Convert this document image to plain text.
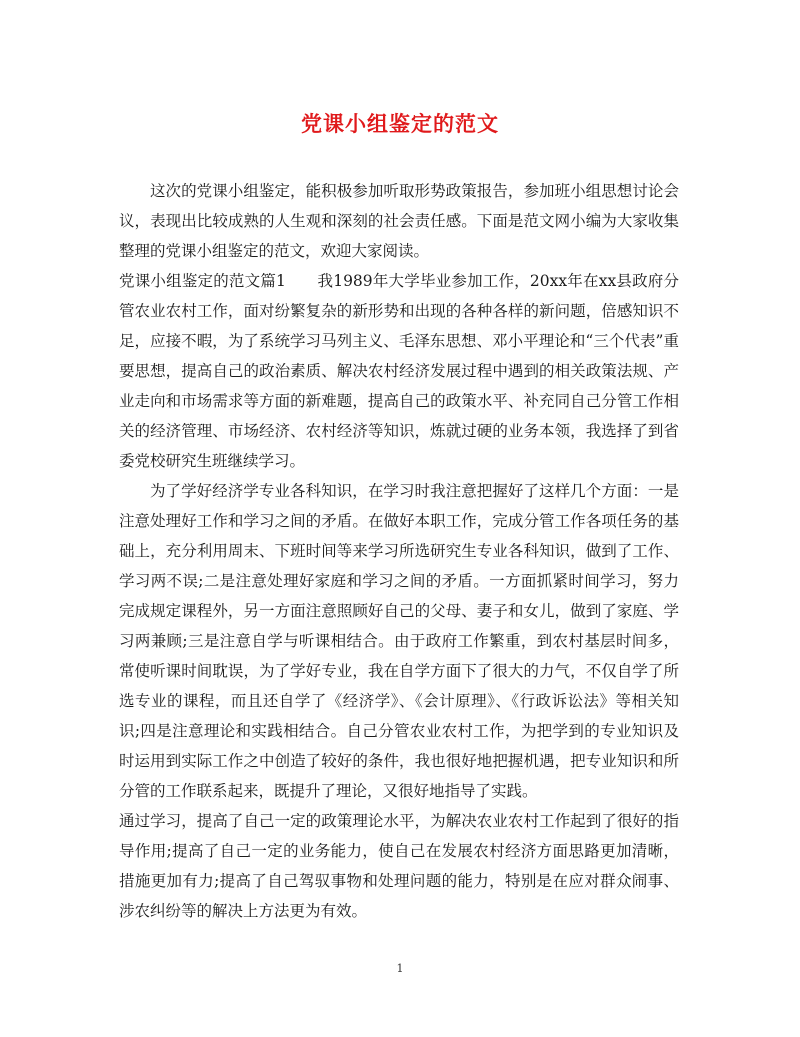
党课小组鉴定的范文

这次的党课小组鉴定，能积极参加听取形势政策报告，参加班小组思想讨论会议，表现出比较成熟的人生观和深刻的社会责任感。下面是范文网小编为大家收集整理的党课小组鉴定的范文，欢迎大家阅读。

党课小组鉴定的范文篇1　　我1989年大学毕业参加工作，20xx年在xx县政府分管农业农村工作，面对纷繁复杂的新形势和出现的各种各样的新问题，倍感知识不足，应接不暇，为了系统学习马列主义、毛泽东思想、邓小平理论和“三个代表”重要思想，提高自己的政治素质、解决农村经济发展过程中遇到的相关政策法规、产业走向和市场需求等方面的新难题，提高自己的政策水平、补充同自己分管工作相关的经济管理、市场经济、农村经济等知识，炼就过硬的业务本领，我选择了到省委党校研究生班继续学习。

为了学好经济学专业各科知识，在学习时我注意把握好了这样几个方面：一是注意处理好工作和学习之间的矛盾。在做好本职工作，完成分管工作各项任务的基础上，充分利用周末、下班时间等来学习所选研究生专业各科知识，做到了工作、学习两不误;二是注意处理好家庭和学习之间的矛盾。一方面抓紧时间学习，努力完成规定课程外，另一方面注意照顾好自己的父母、妻子和女儿，做到了家庭、学习两兼顾;三是注意自学与听课相结合。由于政府工作繁重，到农村基层时间多，常使听课时间耽误，为了学好专业，我在自学方面下了很大的力气，不仅自学了所选专业的课程，而且还自学了《经济学》、《会计原理》、《行政诉讼法》等相关知识;四是注意理论和实践相结合。自己分管农业农村工作，为把学到的专业知识及时运用到实际工作之中创造了较好的条件，我也很好地把握机遇，把专业知识和所分管的工作联系起来，既提升了理论，又很好地指导了实践。

通过学习，提高了自己一定的政策理论水平，为解决农业农村工作起到了很好的指导作用;提高了自己一定的业务能力，使自己在发展农村经济方面思路更加清晰，措施更加有力;提高了自己驾驭事物和处理问题的能力，特别是在应对群众闹事、涉农纠纷等的解决上方法更为有效。

1
